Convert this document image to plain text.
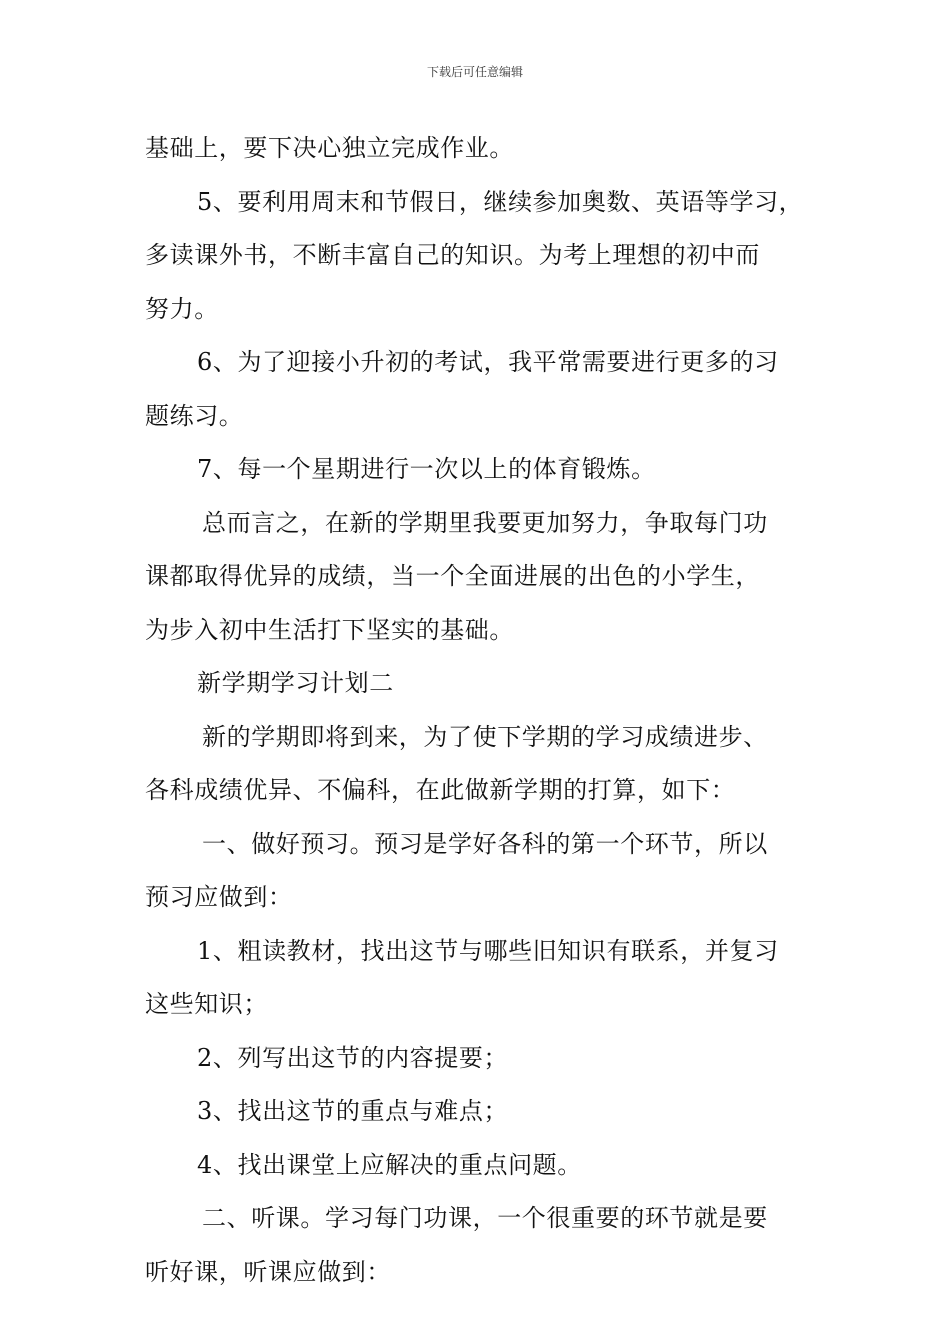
下载后可任意编辑
基础上，要下决心独立完成作业。
5、要利用周末和节假日，继续参加奥数、英语等学习，
多读课外书，不断丰富自己的知识。为考上理想的初中而
努力。
6、为了迎接小升初的考试，我平常需要进行更多的习
题练习。
7、每一个星期进行一次以上的体育锻炼。
总而言之，在新的学期里我要更加努力，争取每门功
课都取得优异的成绩，当一个全面进展的出色的小学生，
为步入初中生活打下坚实的基础。
新学期学习计划二
新的学期即将到来，为了使下学期的学习成绩进步、
各科成绩优异、不偏科，在此做新学期的打算，如下：
一、做好预习。预习是学好各科的第一个环节，所以
预习应做到：
1、粗读教材，找出这节与哪些旧知识有联系，并复习
这些知识；
2、列写出这节的内容提要；
3、找出这节的重点与难点；
4、找出课堂上应解决的重点问题。
二、听课。学习每门功课，一个很重要的环节就是要
听好课，听课应做到：
